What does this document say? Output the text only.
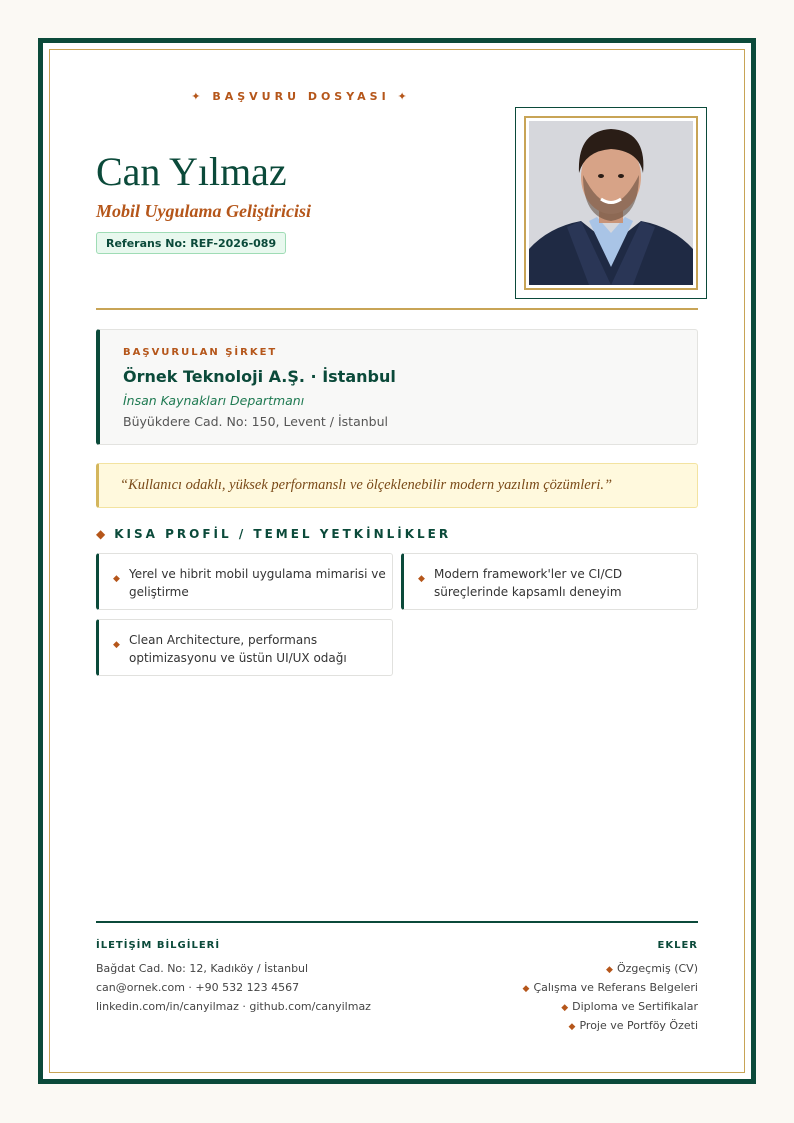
✦ BAŞVURU DOSYASI ✦
Can Yılmaz
Mobil Uygulama Geliştiricisi
Referans No: REF-2026-089
BAŞVURULAN ŞİRKET
Örnek Teknoloji A.Ş. · İstanbul
İnsan Kaynakları Departmanı
Büyükdere Cad. No: 150, Levent / İstanbul
“Kullanıcı odaklı, yüksek performanslı ve ölçeklenebilir modern yazılım çözümleri.”
◆ KISA PROFİL / TEMEL YETKİNLİKLER
◆ Yerel ve hibrit mobil uygulama mimarisi ve geliştirme
◆ Modern framework'ler ve CI/CD süreçlerinde kapsamlı deneyim
◆ Clean Architecture, performans optimizasyonu ve üstün UI/UX odağı
İLETİŞİM BİLGİLERİ
Bağdat Cad. No: 12, Kadıköy / İstanbul
can@ornek.com · +90 532 123 4567
linkedin.com/in/canyilmaz · github.com/canyilmaz
EKLER
◆ Özgeçmiş (CV)
◆ Çalışma ve Referans Belgeleri
◆ Diploma ve Sertifikalar
◆ Proje ve Portföy Özeti
